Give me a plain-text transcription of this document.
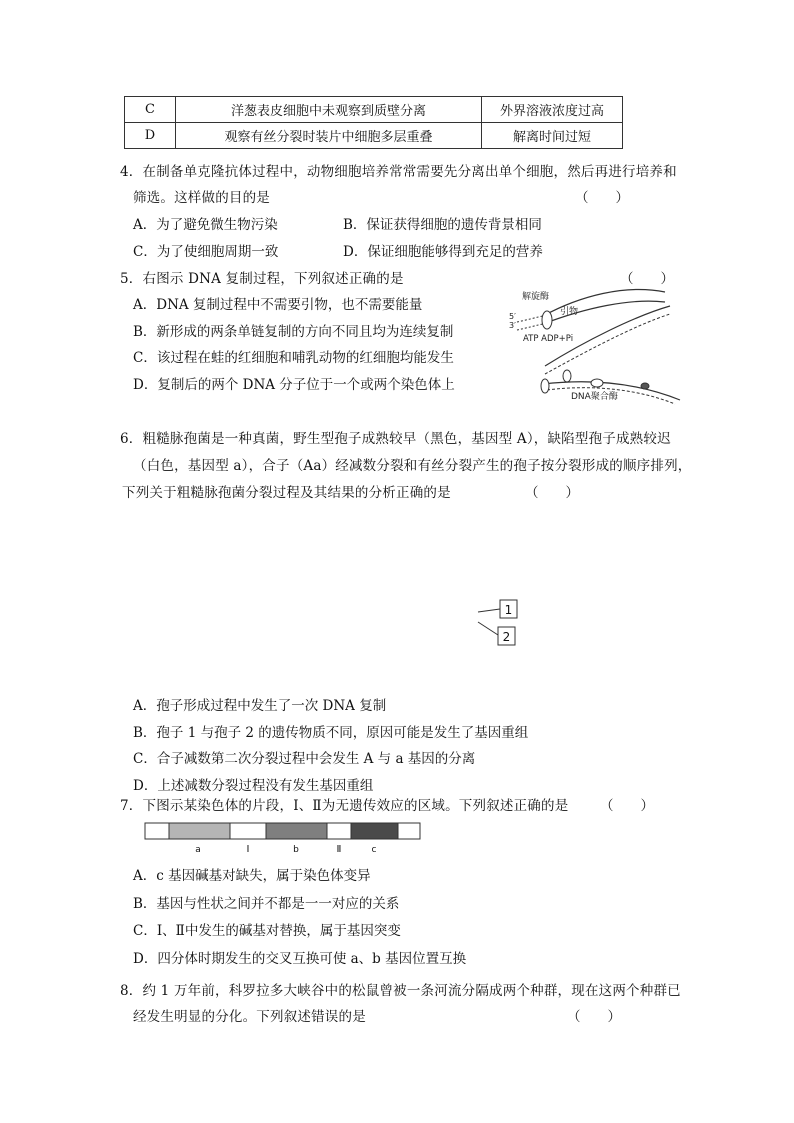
C	洋葱表皮细胞中未观察到质壁分离	外界溶液浓度过高
D	观察有丝分裂时装片中细胞多层重叠	解离时间过短
4．在制备单克隆抗体过程中，动物细胞培养常常需要先分离出单个细胞，然后再进行培养和
筛选。这样做的目的是	（　　）
A．为了避免微生物污染	B．保证获得细胞的遗传背景相同
C．为了使细胞周期一致	D．保证细胞能够得到充足的营养
5．右图示 DNA 复制过程，下列叙述正确的是	（　　）
A．DNA 复制过程中不需要引物，也不需要能量
B．新形成的两条单链复制的方向不同且均为连续复制
C．该过程在蛙的红细胞和哺乳动物的红细胞均能发生
D．复制后的两个 DNA 分子位于一个或两个染色体上
解旋酶
引物
5′
3′
ATP ADP+Pi
DNA聚合酶
6．粗糙脉孢菌是一种真菌，野生型孢子成熟较早（黑色，基因型 A），缺陷型孢子成熟较迟
（白色，基因型 a），合子（Aa）经减数分裂和有丝分裂产生的孢子按分裂形成的顺序排列，
下列关于粗糙脉孢菌分裂过程及其结果的分析正确的是	（　　）
1
2
A．孢子形成过程中发生了一次 DNA 复制
B．孢子 1 与孢子 2 的遗传物质不同，原因可能是发生了基因重组
C．合子减数第二次分裂过程中会发生 A 与 a 基因的分离
D．上述减数分裂过程没有发生基因重组
7．下图示某染色体的片段，Ⅰ、Ⅱ为无遗传效应的区域。下列叙述正确的是 （　　）
a	Ⅰ	b	Ⅱ	c
A．c 基因碱基对缺失，属于染色体变异
B．基因与性状之间并不都是一一对应的关系
C．Ⅰ、Ⅱ中发生的碱基对替换，属于基因突变
D．四分体时期发生的交叉互换可使 a、b 基因位置互换
8．约 1 万年前，科罗拉多大峡谷中的松鼠曾被一条河流分隔成两个种群，现在这两个种群已
经发生明显的分化。下列叙述错误的是	（　　）
